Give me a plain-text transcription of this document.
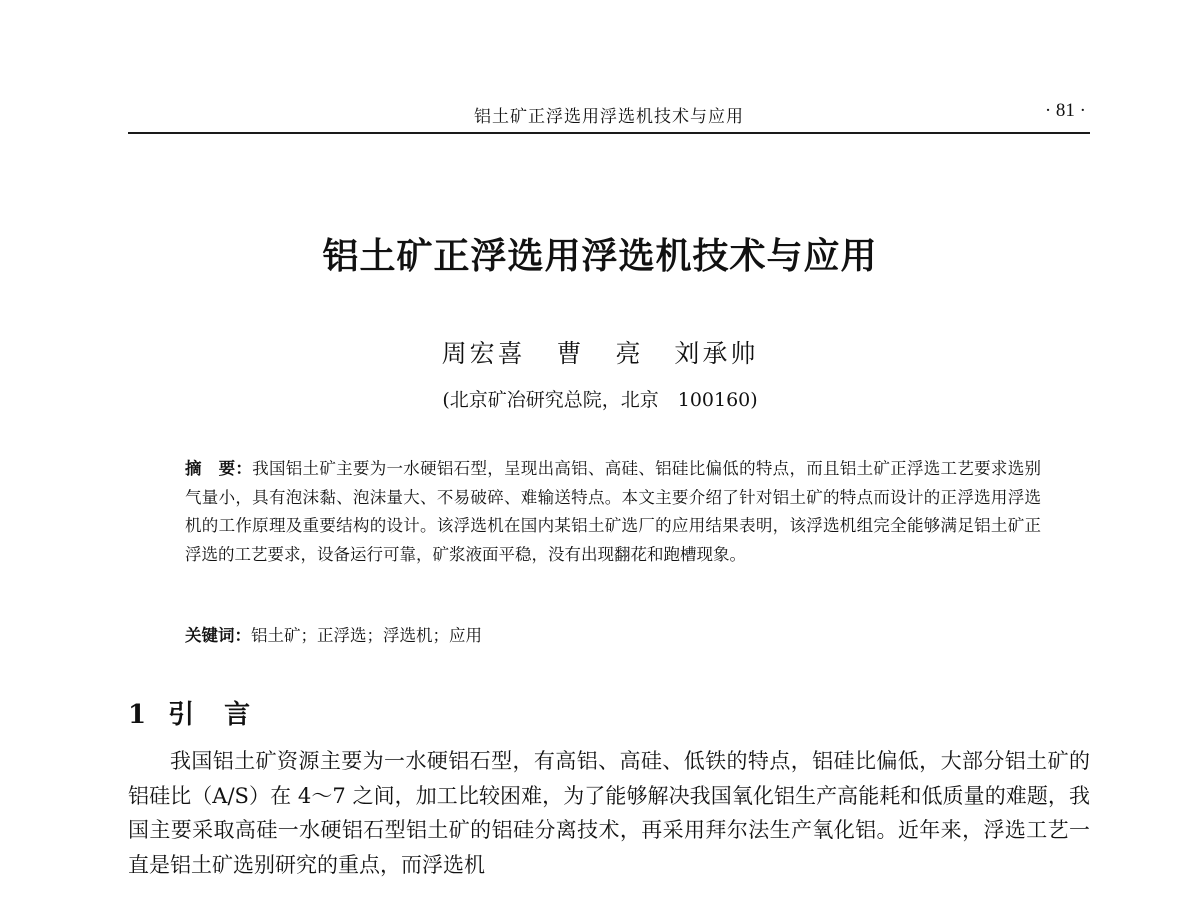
铝土矿正浮选用浮选机技术与应用	· 81 ·
铝土矿正浮选用浮选机技术与应用
周宏喜 曹 亮 刘承帅
(北京矿冶研究总院，北京　100160)
摘　要：我国铝土矿主要为一水硬铝石型，呈现出高铝、高硅、铝硅比偏低的特点，而且铝土矿正浮选工艺要求选别气量小，具有泡沫黏、泡沫量大、不易破碎、难输送特点。本文主要介绍了针对铝土矿的特点而设计的正浮选用浮选机的工作原理及重要结构的设计。该浮选机在国内某铝土矿选厂的应用结果表明，该浮选机组完全能够满足铝土矿正浮选的工艺要求，设备运行可靠，矿浆液面平稳，没有出现翻花和跑槽现象。
关键词：铝土矿；正浮选；浮选机；应用
1 引言
我国铝土矿资源主要为一水硬铝石型，有高铝、高硅、低铁的特点，铝硅比偏低，大部分铝土矿的铝硅比（A/S）在 4～7 之间，加工比较困难，为了能够解决我国氧化铝生产高能耗和低质量的难题，我国主要采取高硅一水硬铝石型铝土矿的铝硅分离技术，再采用拜尔法生产氧化铝。近年来，浮选工艺一直是铝土矿选别研究的重点，而浮选机
